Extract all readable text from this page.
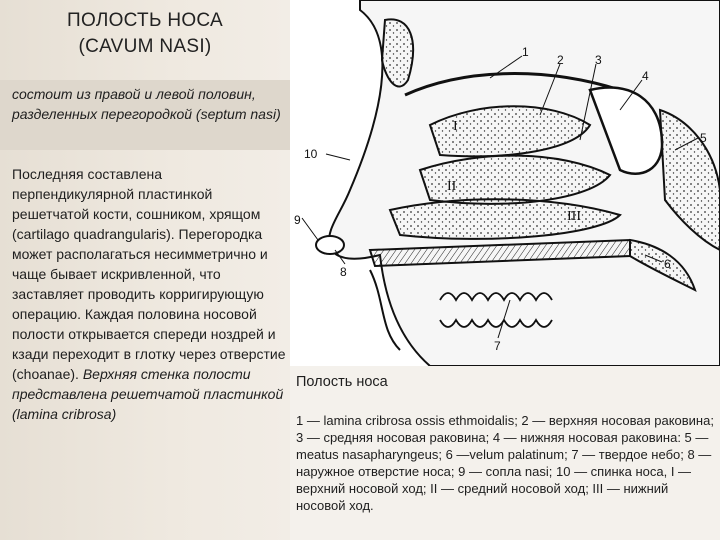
ПОЛОСТЬ НОСА
(CAVUM NASI)
состоит из правой и левой половин, разделенных перегородкой (septum nasi)
Последняя составлена перпендикулярной пластинкой решетчатой кости, сошником, хрящом (cartilago quadrangularis). Перегородка может располагаться несимметрично и чаще бывает искривленной, что заставляет проводить корригирующую операцию. Каждая половина носовой полости открывается спереди ноздрей и кзади переходит в глотку через отверстие (choanae). Верхняя стенка полости представлена решетчатой пластинкой (lamina cribrosa)
1
2	3
4
5
6
7
8
9
10
I
II
III
Полость носа
1 — lamina cribrosa ossis ethmoidalis; 2 — верхняя носовая раковина; 3 — средняя носовая раковина; 4 — нижняя носовая раковина: 5 — meatus nasapharyngeus; 6 —velum palatinum; 7 — твердое небо; 8 — наружное отверстие носа; 9 — сопла nasi; 10 — спинка носа, I — верхний носовой ход; II — средний носовой ход; III — нижний носовой ход.
